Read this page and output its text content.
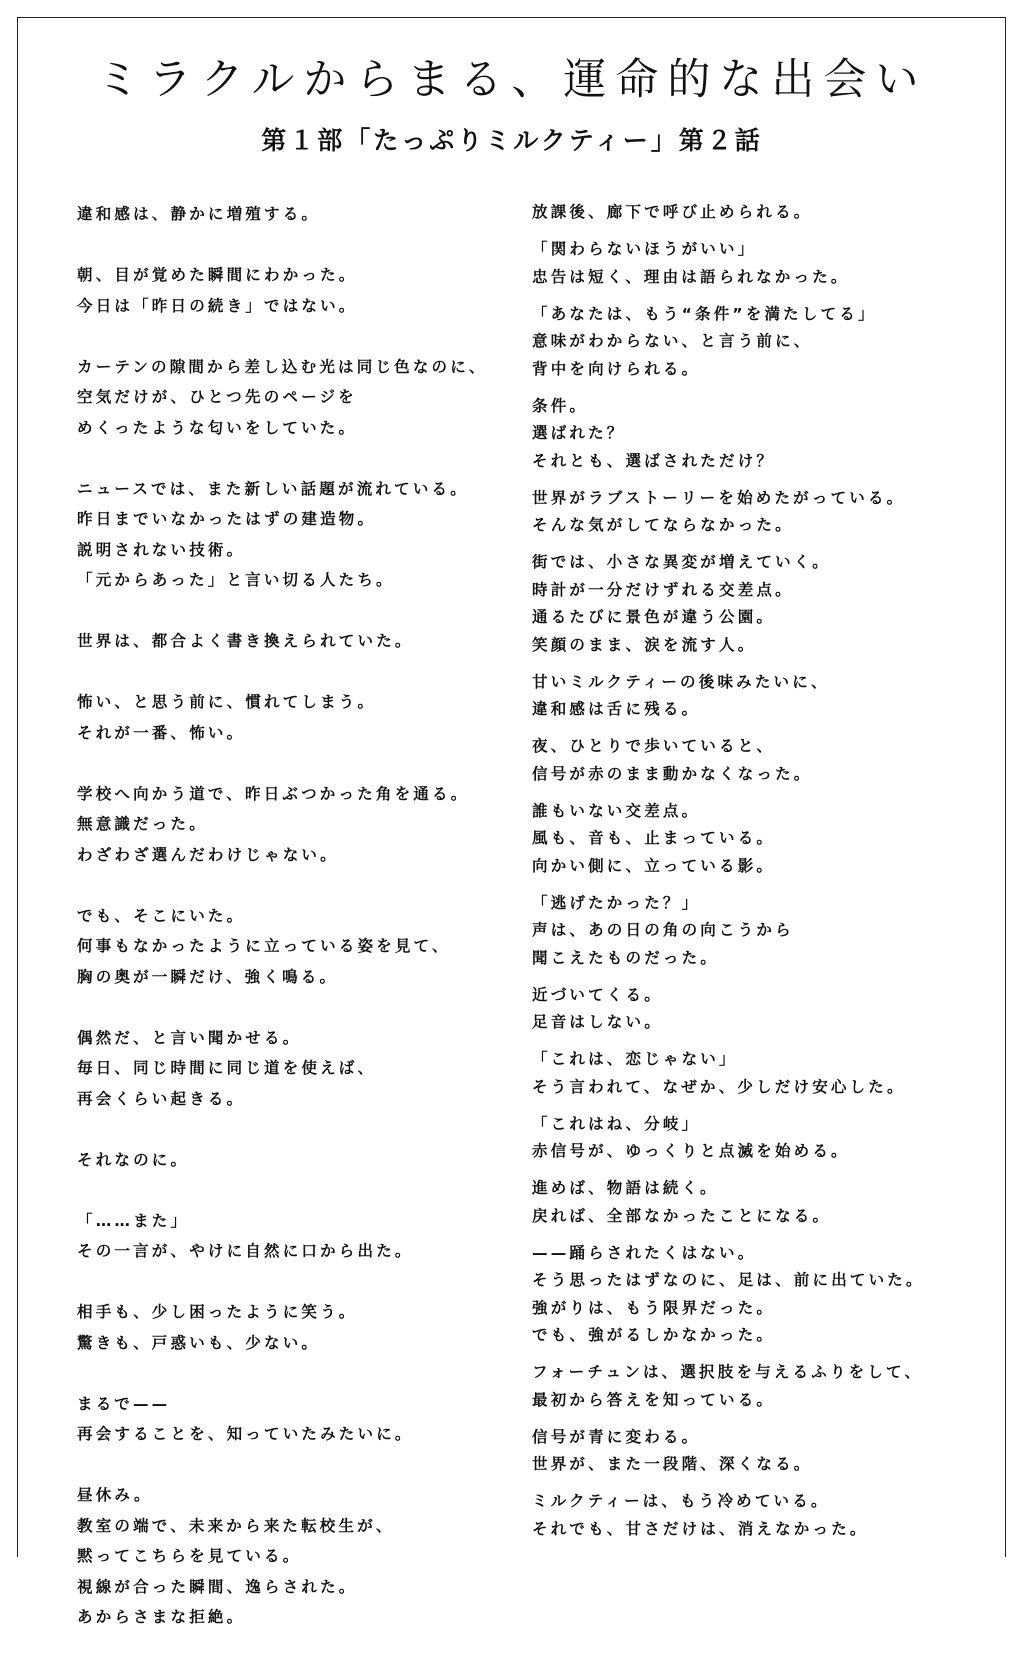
ミラクルからまる、運命的な出会い
第１部「たっぷりミルクティー」第２話
違和感は、静かに増殖する。
朝、目が覚めた瞬間にわかった。
今日は「昨日の続き」ではない。
カーテンの隙間から差し込む光は同じ色なのに、
空気だけが、ひとつ先のページを
めくったような匂いをしていた。
ニュースでは、また新しい話題が流れている。
昨日までいなかったはずの建造物。
説明されない技術。
「元からあった」と言い切る人たち。
世界は、都合よく書き換えられていた。
怖い、と思う前に、慣れてしまう。
それが一番、怖い。
学校へ向かう道で、昨日ぶつかった角を通る。
無意識だった。
わざわざ選んだわけじゃない。
でも、そこにいた。
何事もなかったように立っている姿を見て、
胸の奥が一瞬だけ、強く鳴る。
偶然だ、と言い聞かせる。
毎日、同じ時間に同じ道を使えば、
再会くらい起きる。
それなのに。
「……また」
その一言が、やけに自然に口から出た。
相手も、少し困ったように笑う。
驚きも、戸惑いも、少ない。
まるで——
再会することを、知っていたみたいに。
昼休み。
教室の端で、未来から来た転校生が、
黙ってこちらを見ている。
視線が合った瞬間、逸らされた。
あからさまな拒絶。
放課後、廊下で呼び止められる。
「関わらないほうがいい」
忠告は短く、理由は語られなかった。
「あなたは、もう“条件”を満たしてる」
意味がわからない、と言う前に、
背中を向けられる。
条件。
選ばれた？
それとも、選ばされただけ？
世界がラブストーリーを始めたがっている。
そんな気がしてならなかった。
街では、小さな異変が増えていく。
時計が一分だけずれる交差点。
通るたびに景色が違う公園。
笑顔のまま、涙を流す人。
甘いミルクティーの後味みたいに、
違和感は舌に残る。
夜、ひとりで歩いていると、
信号が赤のまま動かなくなった。
誰もいない交差点。
風も、音も、止まっている。
向かい側に、立っている影。
「逃げたかった？」
声は、あの日の角の向こうから
聞こえたものだった。
近づいてくる。
足音はしない。
「これは、恋じゃない」
そう言われて、なぜか、少しだけ安心した。
「これはね、分岐」
赤信号が、ゆっくりと点滅を始める。
進めば、物語は続く。
戻れば、全部なかったことになる。
——踊らされたくはない。
そう思ったはずなのに、足は、前に出ていた。
強がりは、もう限界だった。
でも、強がるしかなかった。
フォーチュンは、選択肢を与えるふりをして、
最初から答えを知っている。
信号が青に変わる。
世界が、また一段階、深くなる。
ミルクティーは、もう冷めている。
それでも、甘さだけは、消えなかった。
